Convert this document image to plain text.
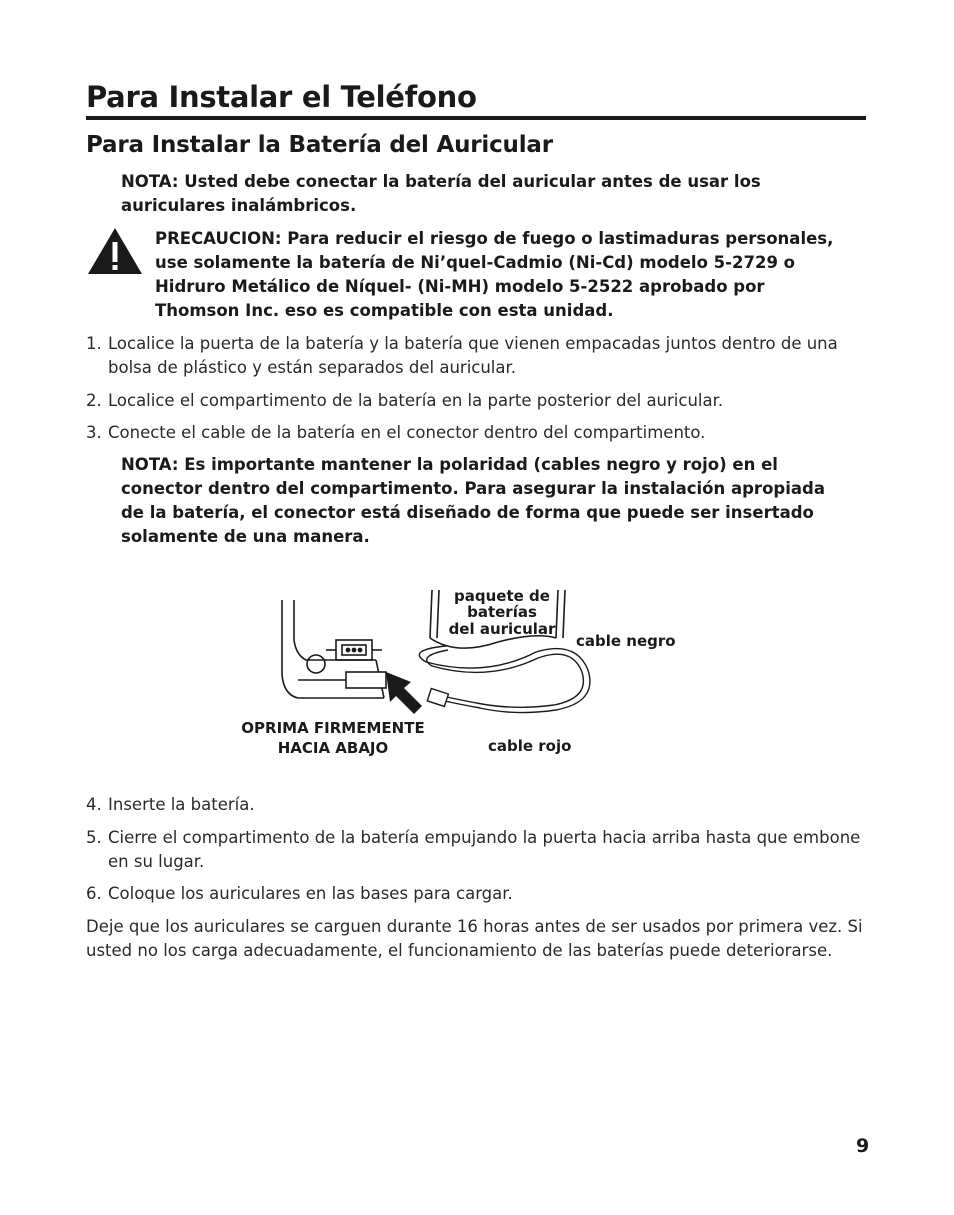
Para Instalar el Teléfono
Para Instalar la Batería del Auricular
NOTA: Usted debe conectar la batería del auricular antes de usar los auriculares inalámbricos.
PRECAUCION: Para reducir el riesgo de fuego o lastimaduras personales, use solamente la batería de Ni’quel-Cadmio (Ni-Cd) modelo 5-2729 o Hidruro Metálico de Níquel- (Ni-MH) modelo 5-2522 aprobado por Thomson Inc. eso es compatible con esta unidad.
1. Localice la puerta de la batería y la batería que vienen empacadas juntos dentro de una bolsa de plástico y están separados del auricular.
2. Localice el compartimento de la batería en la parte posterior del auricular.
3. Conecte el cable de la batería en el conector dentro del compartimento.
NOTA: Es importante mantener la polaridad (cables negro y rojo) en el conector dentro del compartimento. Para asegurar la instalación apropiada de la batería, el conector está diseñado de forma que puede ser insertado solamente de una manera.
paquete de
baterías
del auricular
cable negro
cable rojo
OPRIMA FIRMEMENTE
HACIA ABAJO
4. Inserte la batería.
5. Cierre el compartimento de la batería empujando la puerta hacia arriba hasta que embone en su lugar.
6. Coloque los auriculares en las bases para cargar.
Deje que los auriculares se carguen durante 16 horas antes de ser usados por primera vez. Si usted no los carga adecuadamente, el funcionamiento de las baterías puede deteriorarse.
9
